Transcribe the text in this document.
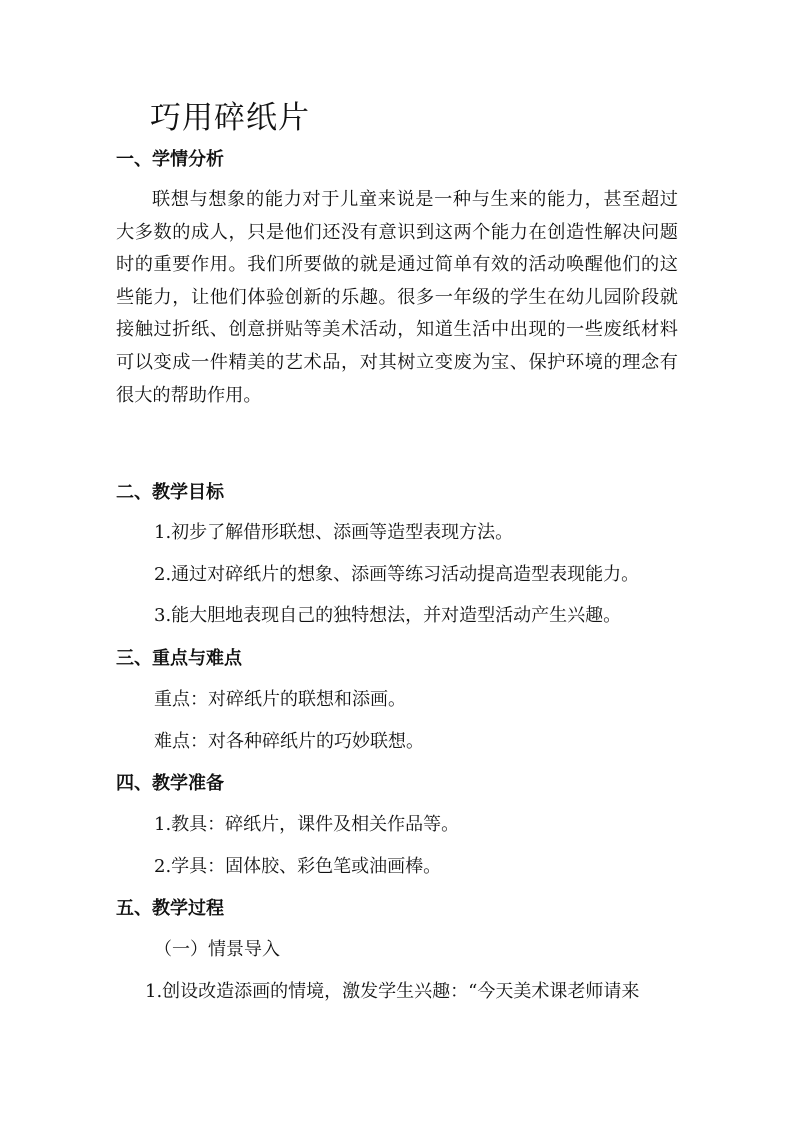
巧用碎纸片
一、学情分析

联想与想象的能力对于儿童来说是一种与生来的能力，甚至超过大多数的成人，只是他们还没有意识到这两个能力在创造性解决问题时的重要作用。我们所要做的就是通过简单有效的活动唤醒他们的这些能力，让他们体验创新的乐趣。很多一年级的学生在幼儿园阶段就接触过折纸、创意拼贴等美术活动，知道生活中出现的一些废纸材料可以变成一件精美的艺术品，对其树立变废为宝、保护环境的理念有很大的帮助作用。

二、教学目标

1.初步了解借形联想、添画等造型表现方法。

2.通过对碎纸片的想象、添画等练习活动提高造型表现能力。

3.能大胆地表现自己的独特想法，并对造型活动产生兴趣。

三、重点与难点

重点：对碎纸片的联想和添画。

难点：对各种碎纸片的巧妙联想。

四、教学准备

1.教具：碎纸片，课件及相关作品等。

2.学具：固体胶、彩色笔或油画棒。

五、教学过程

（一）情景导入

1.创设改造添画的情境，激发学生兴趣：“今天美术课老师请来
